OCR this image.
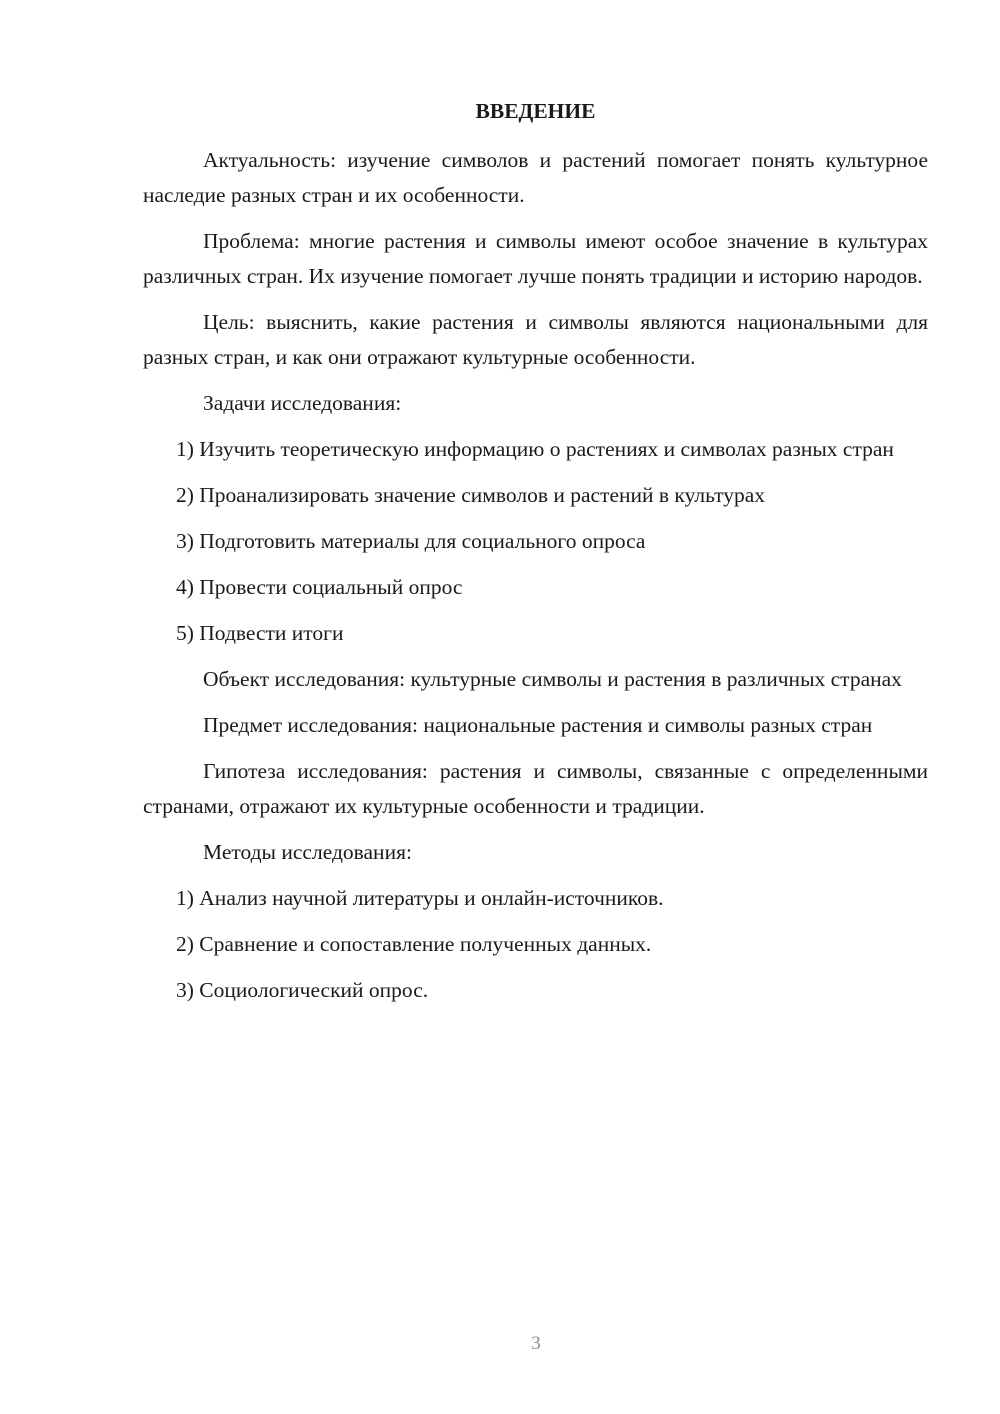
ВВЕДЕНИЕ
Актуальность: изучение символов и растений помогает понять культурное наследие разных стран и их особенности.
Проблема: многие растения и символы имеют особое значение в культурах различных стран. Их изучение помогает лучше понять традиции и историю народов.
Цель: выяснить, какие растения и символы являются национальными для разных стран, и как они отражают культурные особенности.
Задачи исследования:
1) Изучить теоретическую информацию о растениях и символах разных стран
2) Проанализировать значение символов и растений в культурах
3) Подготовить материалы для социального опроса
4) Провести социальный опрос
5) Подвести итоги
Объект исследования: культурные символы и растения в различных странах
Предмет исследования: национальные растения и символы разных стран
Гипотеза исследования: растения и символы, связанные с определенными странами, отражают их культурные особенности и традиции.
Методы исследования:
1) Анализ научной литературы и онлайн-источников.
2) Сравнение и сопоставление полученных данных.
3) Социологический опрос.
3
